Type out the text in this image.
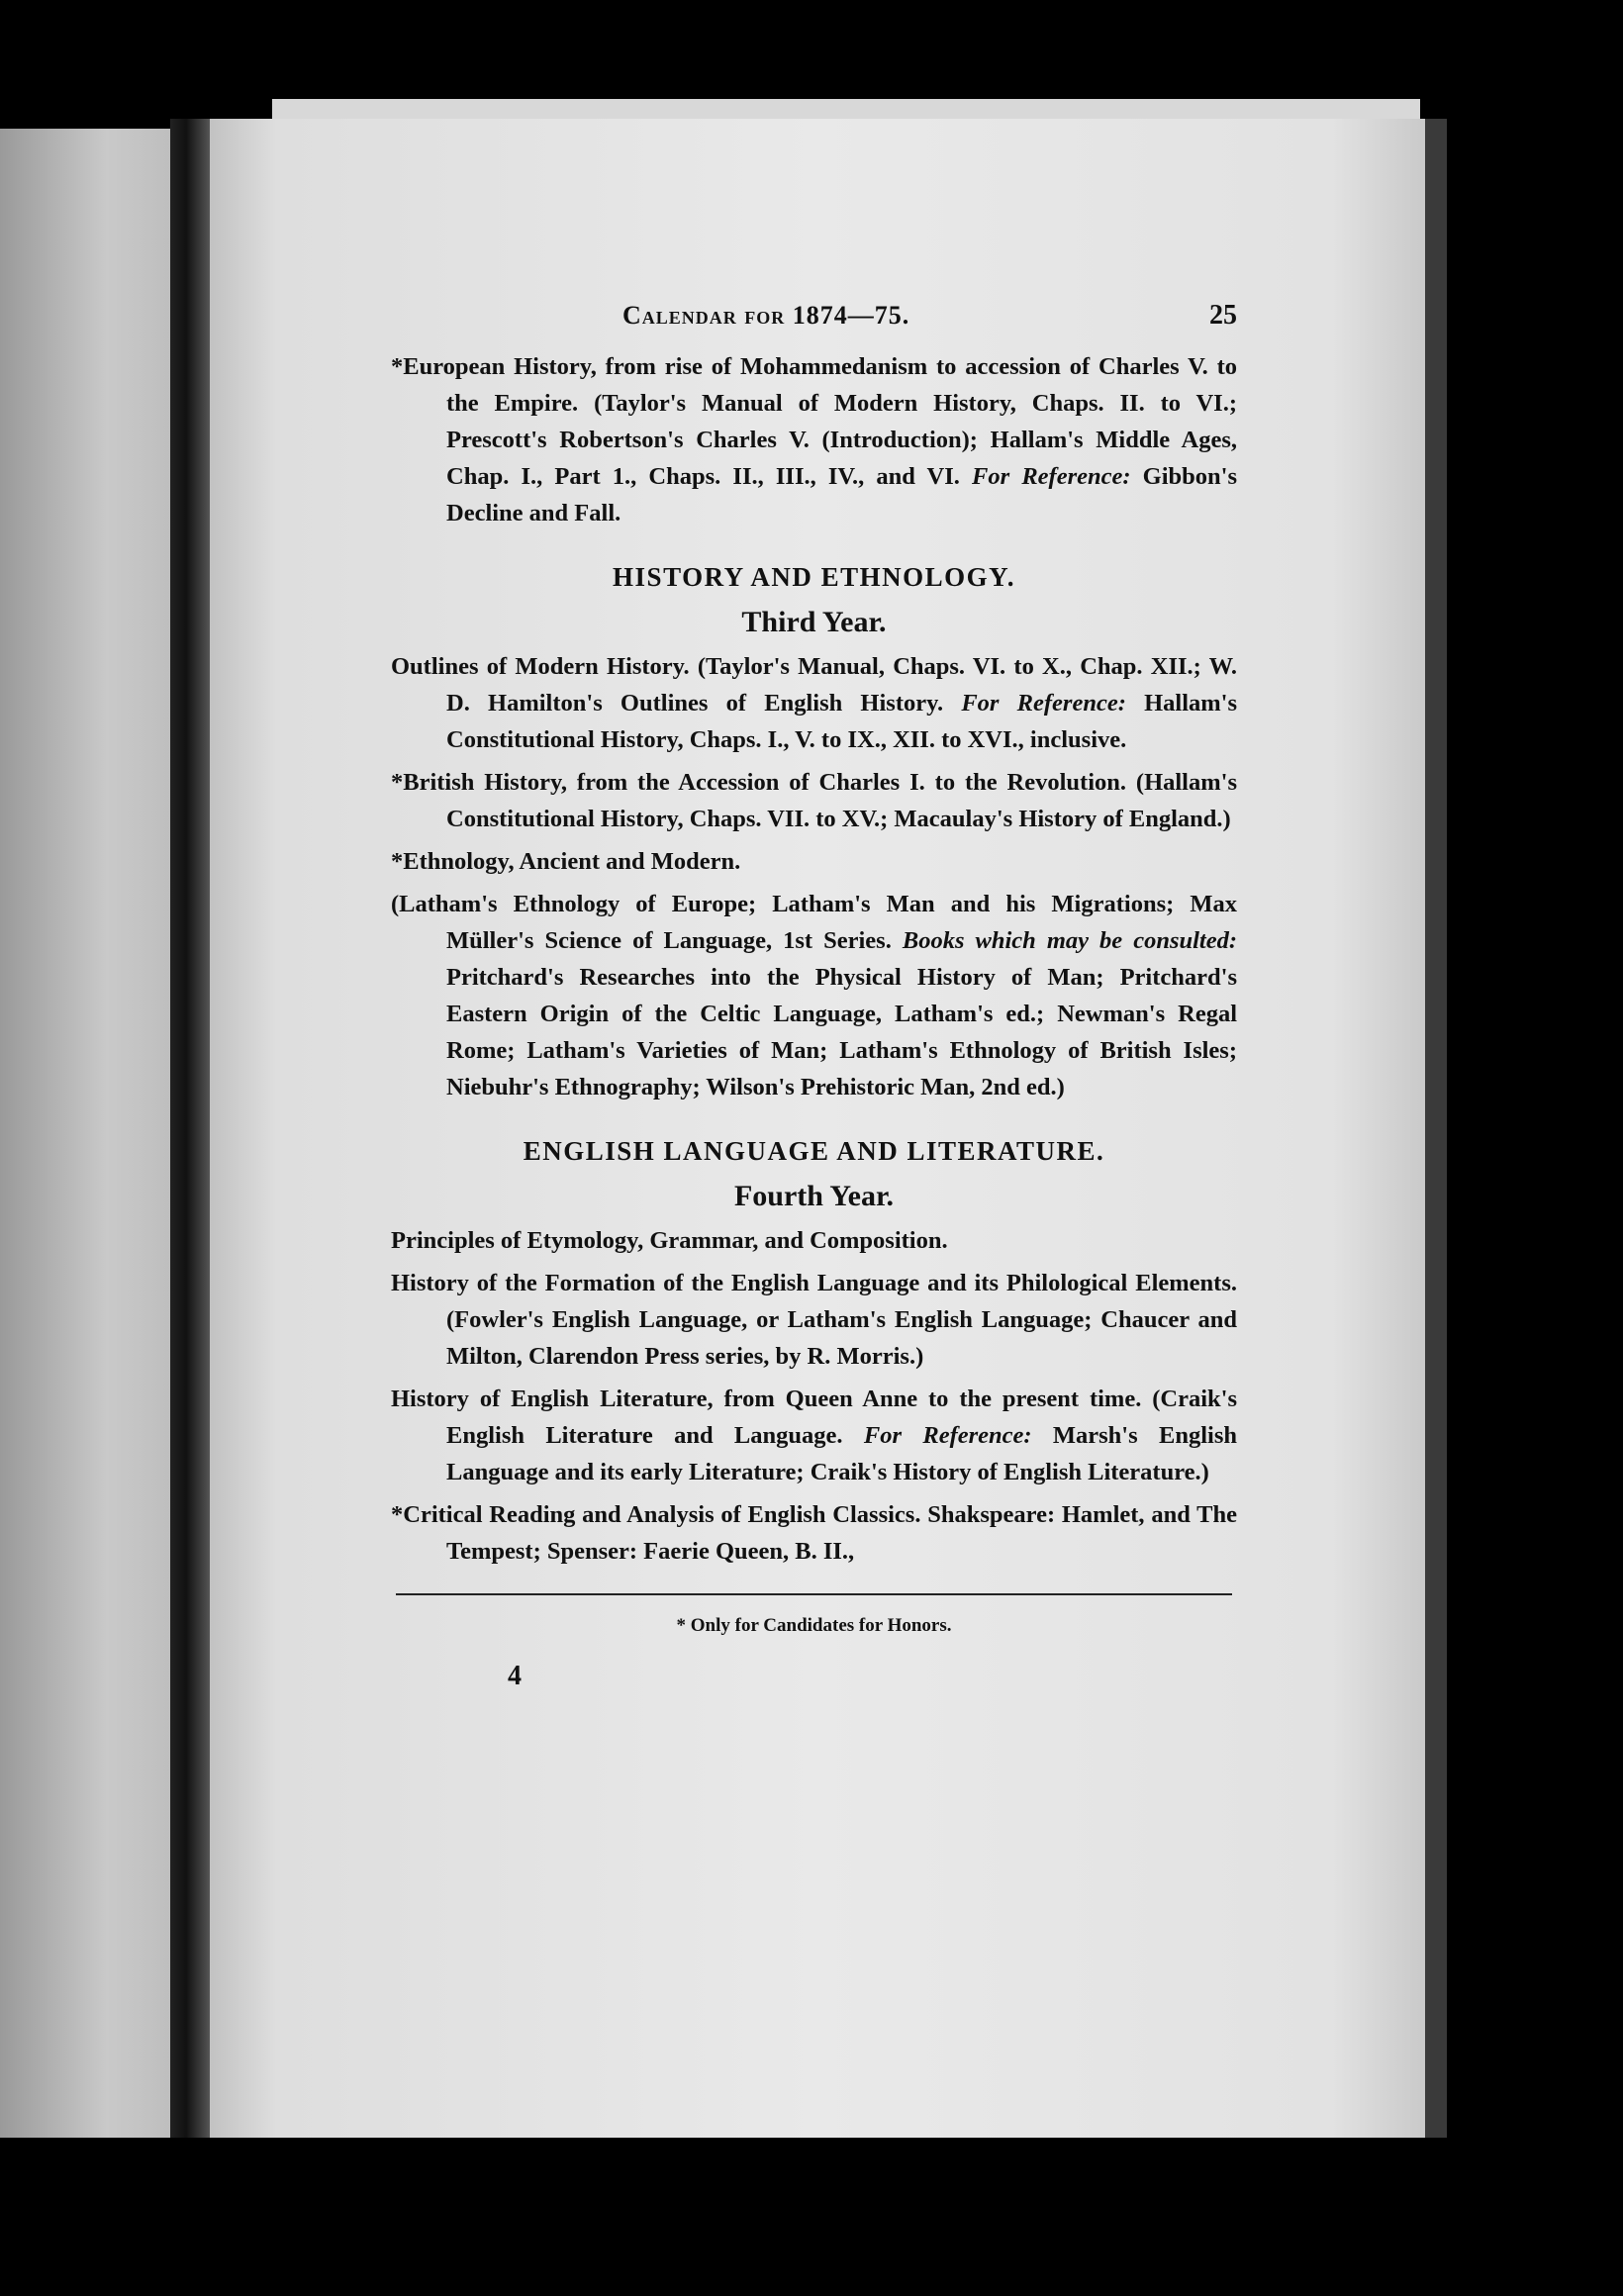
Calendar for 1874—75.	25

*European History, from rise of Mohammedanism to accession of Charles V. to the Empire. (Taylor's Manual of Modern History, Chaps. II. to VI.; Prescott's Robertson's Charles V. (Introduction); Hallam's Middle Ages, Chap. I., Part 1., Chaps. II., III., IV., and VI. For Reference: Gibbon's Decline and Fall.

HISTORY AND ETHNOLOGY.
Third Year.

Outlines of Modern History. (Taylor's Manual, Chaps. VI. to X., Chap. XII.; W. D. Hamilton's Outlines of English History. For Reference: Hallam's Constitutional History, Chaps. I., V. to IX., XII. to XVI., inclusive.

*British History, from the Accession of Charles I. to the Revolution. (Hallam's Constitutional History, Chaps. VII. to XV.; Macaulay's History of England.)

*Ethnology, Ancient and Modern.

(Latham's Ethnology of Europe; Latham's Man and his Migrations; Max Müller's Science of Language, 1st Series. Books which may be consulted: Pritchard's Researches into the Physical History of Man; Pritchard's Eastern Origin of the Celtic Language, Latham's ed.; Newman's Regal Rome; Latham's Varieties of Man; Latham's Ethnology of British Isles; Niebuhr's Ethnography; Wilson's Prehistoric Man, 2nd ed.)

ENGLISH LANGUAGE AND LITERATURE.
Fourth Year.

Principles of Etymology, Grammar, and Composition.

History of the Formation of the English Language and its Philological Elements. (Fowler's English Language, or Latham's English Language; Chaucer and Milton, Clarendon Press series, by R. Morris.)

History of English Literature, from Queen Anne to the present time. (Craik's English Literature and Language. For Reference: Marsh's English Language and its early Literature; Craik's History of English Literature.)

*Critical Reading and Analysis of English Classics. Shakspeare: Hamlet, and The Tempest; Spenser: Faerie Queen, B. II.,

* Only for Candidates for Honors.

4
